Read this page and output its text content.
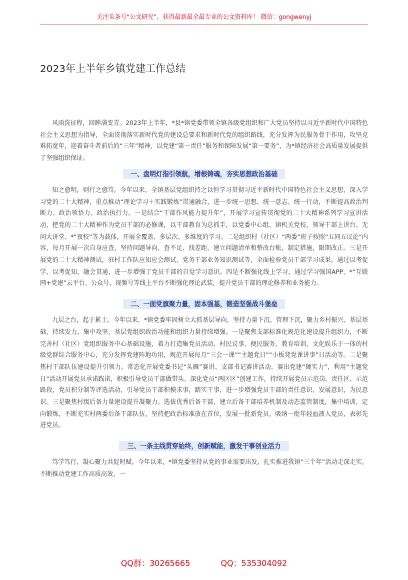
关注头条号“公文研究”，获得最新最全最专业的公文资料库！ 微信：gongwenyj
2023年上半年乡镇党建工作总结

风雨洗征程，回眸满变青。2023年上半年，*县*镇党委带领全镇各级党组织和广大党员坚持以习近平新时代中国特色社会主义思想为指导，全面贯彻落实新时代党的建设总要求和新时代党的组织路线，充分发挥为民服务骨干作用，攻坚克难拓宽年，迎着奋斗者前后的“三年”精神，以党建“第一责任”服务和保障发展“第一要务”，为*镇经济社会高质量发展提供了坚强组织保证。

一、盘明灯指引领航，增根铸魂，夯实思想政治基础

知之愈明，则行之愈笃。今年以来，全镇基层党组织持之以恒学习贯彻习近平新时代中国特色社会主义思想，深入学习党的二十大精神，重点推动“理论学习＋实践锻炼”贯通融合，进一步统一思想、统一意志、统一行动，不断提高政治判断力、政治领悟力、政治执行力。一是结合“干部作风能力提升年”，开展学习宣传贯彻党的二十大精神系列学习宣讲活动，把党的二十大精神作为党员干部的必修课，以干部教育为总抓手，以党委中心组、镇机关党校、领导干部上讲台、无问大讲堂、*“夜校”等为载体，开展全覆盖、多层次、多维度的学习。二是组织村（社区）“两委”班子按照“五同五议论”内容，每月开展一次自身应查，坚持问题导向，查不足、找差距，建立问题清单和整改台账，制定措施，限期改正。三是开展党的二十大精神测试，驻村工作队应知应会测试，党务干部业务知识测试等，全面检验党员干部学习成果，通过以考促学、以考促知，融会贯通，进一步增强了党员干部的自觉学习意识。四是不断强化线上学习，通过学习强国APP、*“互联网+党建”云平台、公众号、视频号等线上平台不断强化理论武装，提升党员干部的理论修养和业务能力。

二、一面党旗聚力量，固本强基，锻造坚强战斗堡垒

九层之台，起于累土。今年以来，*镇党委牢固树立大抓基层导向，坚持力量下沉、管理下沉，聚力乡村振兴、基层基础，持续发力、集中攻坚，基层党组织政治功能和组织力量持续增强。一是聚焦支部标准化规范化建设提升组织力，不断完善村（社区）党组织服务中心基础设施，着力打造集党员活动、村民议事、便民服务、教育培训、文化娱乐于一体的村级党群综合服务中心，充分发挥党建阵地功用，规范开展每月“三会一课”“主题党日”“小板凳党课讲事”日活动等。二是聚焦村干部队伍建设提升引领力。常态化开展党委书记“头雁”赛讲、支部书记赛讲活动，赛出党建“硬实力”，利用“主题党日”活动开展党员承诺践诺，积极引导党员干部做带头、深化党员“两区区”创建工作，持续开展党员示范岗、责任区、示范路段，党员积分制等评选活动，引导党员干部积模求事，踏实干事，进一步增强党员干部的责任意识、发展意识，为民意识。三是聚焦村级后备力量建设提升凝聚力。选拔优秀后备干部，建立后备干部培养机制及动态监管制度，集中培训，定向锻炼，不断充实村两委后备干部队伍，坚持把政治标准放在首位，发展一批新党员、吸纳一批年轻血液入党员，表彰先进党员。

三、一条主线贯穿始终，创新赋能，激发干事创业活力

笃学笃行，凝心聚力共促时赋。今年以来，*镇党委坚持从党的事业需要出发，扎实推进我镇“三个年”活动走深走实，不断推动党建工作高质高效，一

QQ群：30265665	QQ：535304092
